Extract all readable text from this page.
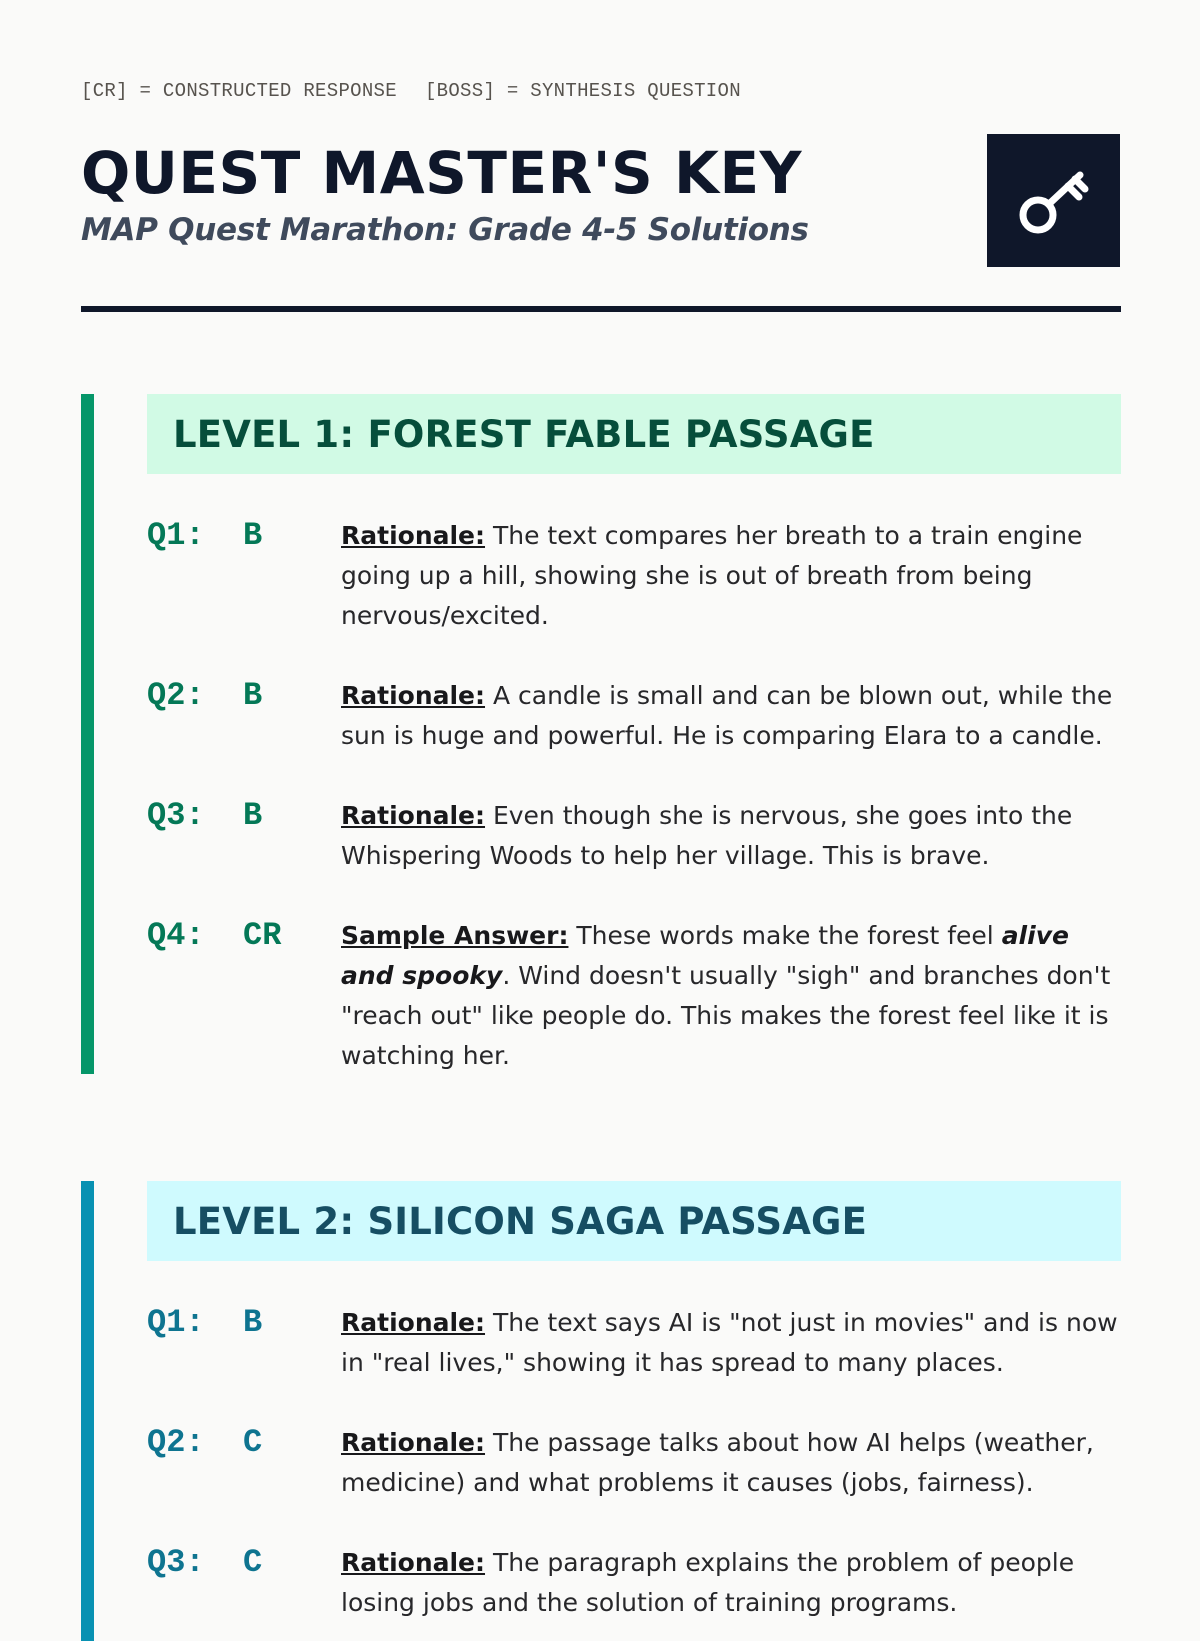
[CR] = CONSTRUCTED RESPONSE [BOSS] = SYNTHESIS QUESTION
QUEST MASTER'S KEY
MAP Quest Marathon: Grade 4-5 Solutions
LEVEL 1: FOREST FABLE PASSAGE
Q1:  B	Rationale: The text compares her breath to a train engine going up a hill, showing she is out of breath from being nervous/excited.
Q2:  B	Rationale: A candle is small and can be blown out, while the sun is huge and powerful. He is comparing Elara to a candle.
Q3:  B	Rationale: Even though she is nervous, she goes into the Whispering Woods to help her village. This is brave.
Q4:  CR Sample Answer: These words make the forest feel alive and spooky. Wind doesn't usually "sigh" and branches don't "reach out" like people do. This makes the forest feel like it is watching her.
LEVEL 2: SILICON SAGA PASSAGE
Q1:  B	Rationale: The text says AI is "not just in movies" and is now in "real lives," showing it has spread to many places.
Q2:  C	Rationale: The passage talks about how AI helps (weather, medicine) and what problems it causes (jobs, fairness).
Q3:  C	Rationale: The paragraph explains the problem of people losing jobs and the solution of training programs.
